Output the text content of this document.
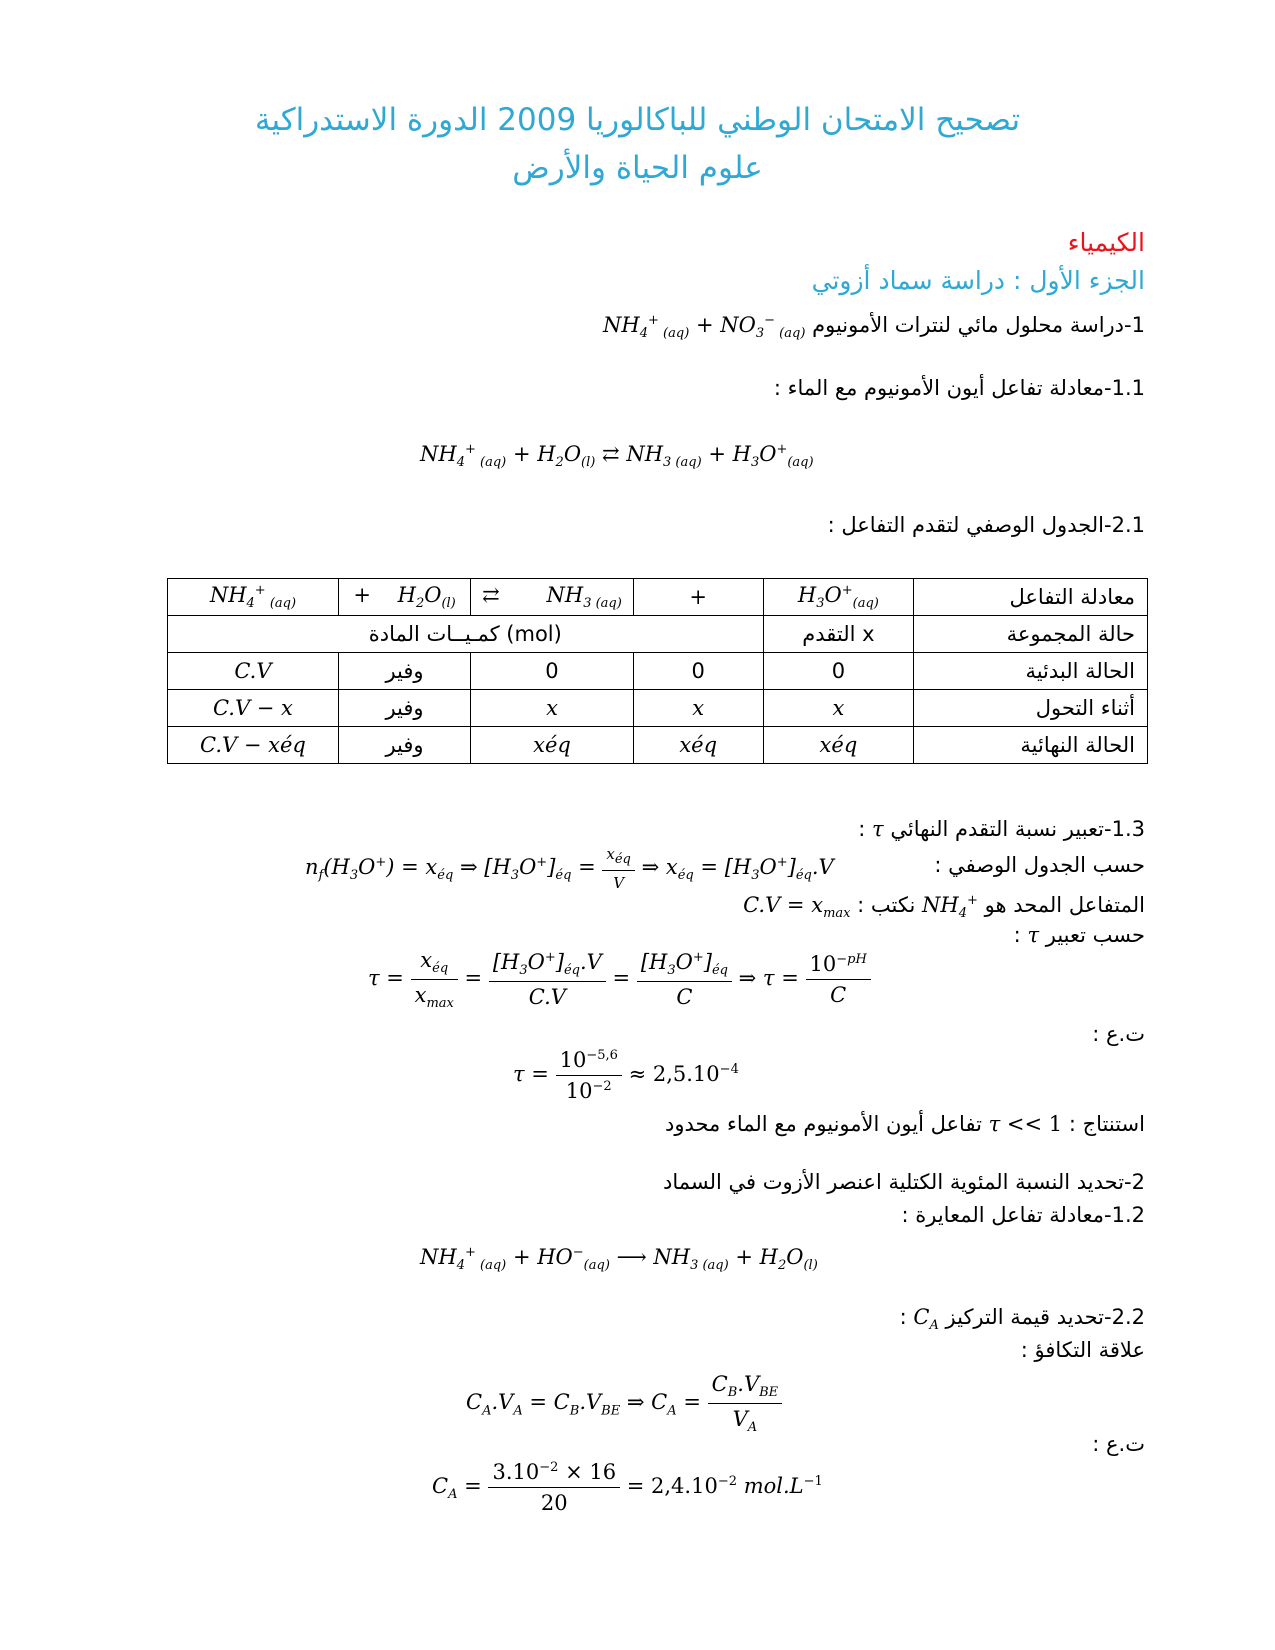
تصحيح الامتحان الوطني للباكالوريا 2009 الدورة الاستدراكية
علوم الحياة والأرض
الكيمياء
الجزء الأول : دراسة سماد أزوتي
1-دراسة محلول مائي لنترات الأمونيوم $NH_4^+$ $_{(aq)} + NO_3^-$ $_{(aq)}$
1.1-معادلة تفاعل أيون الأمونيوم مع الماء :
$NH_4^+$ $_{(aq)} + H_2O_{(l)}$ ⇄ $NH_{3 (aq)} + H_3O^+_{(aq)}$
2.1-الجدول الوصفي لتقدم التفاعل :
$NH_4^+$ $_{(aq)}$	+    $H_2O_{(l)}$	⇄       $NH_{3 (aq)}$	+	$H_3O^+_{(aq)}$	معادلة التفاعل
كمـيــات المادة (mol)				التقدم x	حالة المجموعة
C.V	وفير	0	0	0	الحالة البدئية
C.V − x	وفير	x	x	x	أثناء التحول
C.V − xéq	وفير	xéq	xéq	xéq	الحالة النهائية
1.3-تعبير نسبة التقدم النهائي τ :
حسب الجدول الوصفي :
$n_f(H_3O^+) = x_{éq}$ ⇒ $[H_3O^+]_{éq} = \frac{x_{éq}}{V}$ ⇒ $x_{éq} = [H_3O^+]_{éq}.V$
المتفاعل المحد هو $NH_4^+$ نكتب : $C.V = x_{max}$
حسب تعبير τ :
$\tau = \frac{x_{éq}}{x_{max}} = \frac{[H_3O^+]_{éq}.V}{C.V} = \frac{[H_3O^+]_{éq}}{C}$ ⇒ $\tau = \frac{10^{-pH}}{C}$
ت.ع :
$\tau = \frac{10^{-5,6}}{10^{-2}} \approx 2,5.10^{-4}$
استنتاج : τ << 1 تفاعل أيون الأمونيوم مع الماء محدود
2-تحديد النسبة المئوية الكتلية اعنصر الأزوت في السماد
1.2-معادلة تفاعل المعايرة :
$NH_4^+$ $_{(aq)} + HO^-_{(aq)}$ ⟶ $NH_{3 (aq)} + H_2O_{(l)}$
2.2-تحديد قيمة التركيز $C_A$ :
علاقة التكافؤ :
$C_A.V_A = C_B.V_{BE}$ ⇒ $C_A = \frac{C_B.V_{BE}}{V_A}$
ت.ع :
$C_A = \frac{3.10^{-2} \times 16}{20} = 2,4.10^{-2}$ $mol.L^{-1}$
